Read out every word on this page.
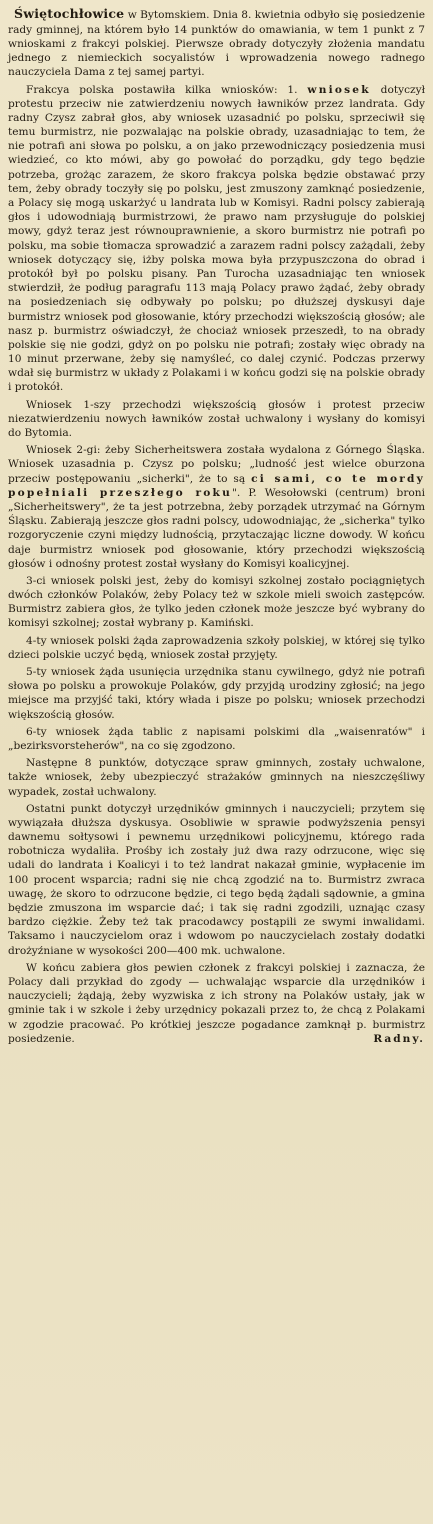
Świętochłowice w Bytomskiem. Dnia 8. kwietnia odbyło się posiedzenie rady gminnej, na którem było 14 punktów do omawiania, w tem 1 punkt z 7 wnioskami z frakcyi polskiej. Pierwsze obrady dotyczyły złożenia mandatu jednego z niemieckich socyalistów i wprowadzenia nowego radnego nauczyciela Dama z tej samej partyi.

Frakcya polska postawiła kilka wniosków: 1. wniosek dotyczył protestu przeciw nie zatwierdzeniu nowych ławników przez landrata. Gdy radny Czysz zabrał głos, aby wniosek uzasadnić po polsku, sprzeciwił się temu burmistrz, nie pozwalając na polskie obrady, uzasadniając to tem, że nie potrafi ani słowa po polsku, a on jako przewodniczący posiedzenia musi wiedzieć, co kto mówi, aby go powołać do porządku, gdy tego będzie potrzeba, grożąc zarazem, że skoro frakcya polska będzie obstawać przy tem, żeby obrady toczyły się po polsku, jest zmuszony zamknąć posiedzenie, a Polacy się mogą uskarżyć u landrata lub w Komisyi. Radni polscy zabierają głos i udowodniają burmistrzowi, że prawo nam przysługuje do polskiej mowy, gdyż teraz jest równouprawnienie, a skoro burmistrz nie potrafi po polsku, ma sobie tłomacza sprowadzić a zarazem radni polscy zażądali, żeby wniosek dotyczący się, iżby polska mowa była przypuszczona do obrad i protokół był po polsku pisany. Pan Turocha uzasadniając ten wniosek stwierdził, że podług paragrafu 113 mają Polacy prawo żądać, żeby obrady na posiedzeniach się odbywały po polsku; po dłuższej dyskusyi daje burmistrz wniosek pod głosowanie, który przechodzi większością głosów; ale nasz p. burmistrz oświadczył, że chociaż wniosek przeszedł, to na obrady polskie się nie godzi, gdyż on po polsku nie potrafi; zostały więc obrady na 10 minut przerwane, żeby się namyśleć, co dalej czynić. Podczas przerwy wdał się burmistrz w układy z Polakami i w końcu godzi się na polskie obrady i protokół.

Wniosek 1-szy przechodzi większością głosów i protest przeciw niezatwierdzeniu nowych ławników został uchwalony i wysłany do komisyi do Bytomia.

Wniosek 2-gi: żeby Sicherheitswera została wydalona z Górnego Śląska. Wniosek uzasadnia p. Czysz po polsku; „ludność jest wielce oburzona przeciw postępowaniu „sicherki", że to są ci sami, co te mordy popełniali przeszłego roku". P. Wesołowski (centrum) broni „Sicherheitswery", że ta jest potrzebna, żeby porządek utrzymać na Górnym Śląsku. Zabierają jeszcze głos radni polscy, udowodniając, że „sicherka" tylko rozgoryczenie czyni między ludnością, przytaczając liczne dowody. W końcu daje burmistrz wniosek pod głosowanie, który przechodzi większością głosów i odnośny protest został wysłany do Komisyi koalicyjnej.

3-ci wniosek polski jest, żeby do komisyi szkolnej zostało pociągniętych dwóch członków Polaków, żeby Polacy też w szkole mieli swoich zastępców. Burmistrz zabiera głos, że tylko jeden członek może jeszcze być wybrany do komisyi szkolnej; został wybrany p. Kamiński.

4-ty wniosek polski żąda zaprowadzenia szkoły polskiej, w której się tylko dzieci polskie uczyć będą, wniosek został przyjęty.

5-ty wniosek żąda usunięcia urzędnika stanu cywilnego, gdyż nie potrafi słowa po polsku a prowokuje Polaków, gdy przyjdą urodziny zgłosić; na jego miejsce ma przyjść taki, który włada i pisze po polsku; wniosek przechodzi większością głosów.

6-ty wniosek żąda tablic z napisami polskimi dla „waisenratów" i „bezirksvorsteherów", na co się zgodzono.

Następne 8 punktów, dotyczące spraw gminnych, zostały uchwalone, także wniosek, żeby ubezpieczyć strażaków gminnych na nieszczęśliwy wypadek, został uchwalony.

Ostatni punkt dotyczył urzędników gminnych i nauczycieli; przytem się wywiązała dłuższa dyskusya. Osobliwie w sprawie podwyższenia pensyi dawnemu sołtysowi i pewnemu urzędnikowi policyjnemu, którego rada robotnicza wydaliła. Prośby ich zostały już dwa razy odrzucone, więc się udali do landrata i Koalicyi i to też landrat nakazał gminie, wypłacenie im 100 procent wsparcia; radni się nie chcą zgodzić na to. Burmistrz zwraca uwagę, że skoro to odrzucone będzie, ci tego będą żądali sądownie, a gmina będzie zmuszona im wsparcie dać; i tak się radni zgodzili, uznając czasy bardzo ciężkie. Żeby też tak pracodawcy postąpili ze swymi inwalidami. Taksamo i nauczycielom oraz i wdowom po nauczycielach zostały dodatki drożyźniane w wysokości 200—400 mk. uchwalone.

W końcu zabiera głos pewien członek z frakcyi polskiej i zaznacza, że Polacy dali przykład do zgody — uchwalając wsparcie dla urzędników i nauczycieli; żądają, żeby wyzwiska z ich strony na Polaków ustały, jak w gminie tak i w szkole i żeby urzędnicy pokazali przez to, że chcą z Polakami w zgodzie pracować. Po krótkiej jeszcze pogadance zamknął p. burmistrz posiedzenie.	Radny.
